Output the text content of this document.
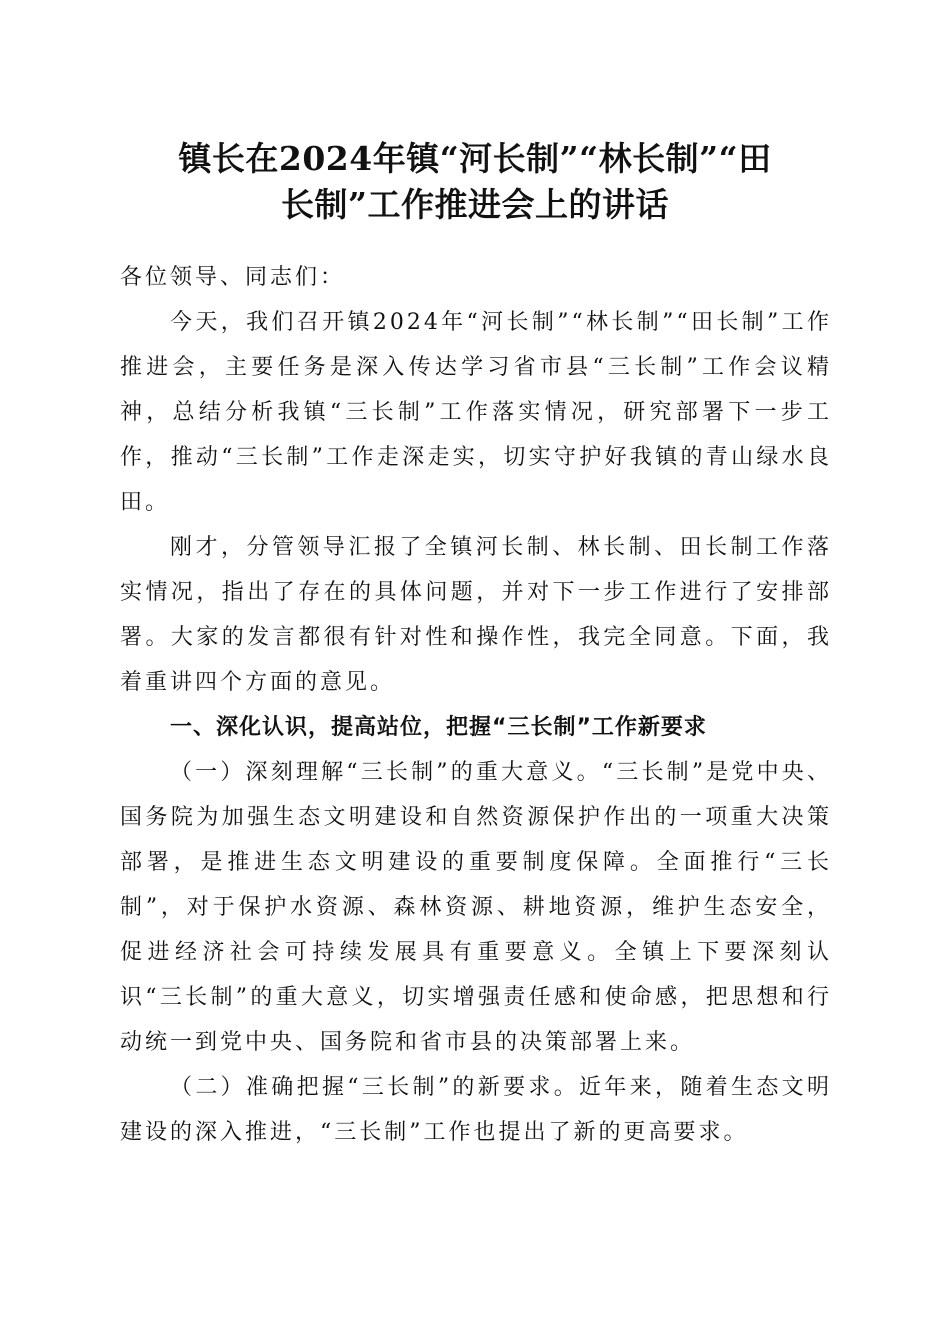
镇长在2024年镇“河长制”“林长制”“田
长制”工作推进会上的讲话

各位领导、同志们：

今天，我们召开镇2024年“河长制”“林长制”“田长制”工作推进会，主要任务是深入传达学习省市县“三长制”工作会议精神，总结分析我镇“三长制”工作落实情况，研究部署下一步工作，推动“三长制”工作走深走实，切实守护好我镇的青山绿水良田。

刚才，分管领导汇报了全镇河长制、林长制、田长制工作落实情况，指出了存在的具体问题，并对下一步工作进行了安排部署。大家的发言都很有针对性和操作性，我完全同意。下面，我着重讲四个方面的意见。

一、深化认识，提高站位，把握“三长制”工作新要求

（一）深刻理解“三长制”的重大意义。“三长制”是党中央、国务院为加强生态文明建设和自然资源保护作出的一项重大决策部署，是推进生态文明建设的重要制度保障。全面推行“三长制”，对于保护水资源、森林资源、耕地资源，维护生态安全，促进经济社会可持续发展具有重要意义。全镇上下要深刻认识“三长制”的重大意义，切实增强责任感和使命感，把思想和行动统一到党中央、国务院和省市县的决策部署上来。

（二）准确把握“三长制”的新要求。近年来，随着生态文明建设的深入推进，“三长制”工作也提出了新的更高要求。
